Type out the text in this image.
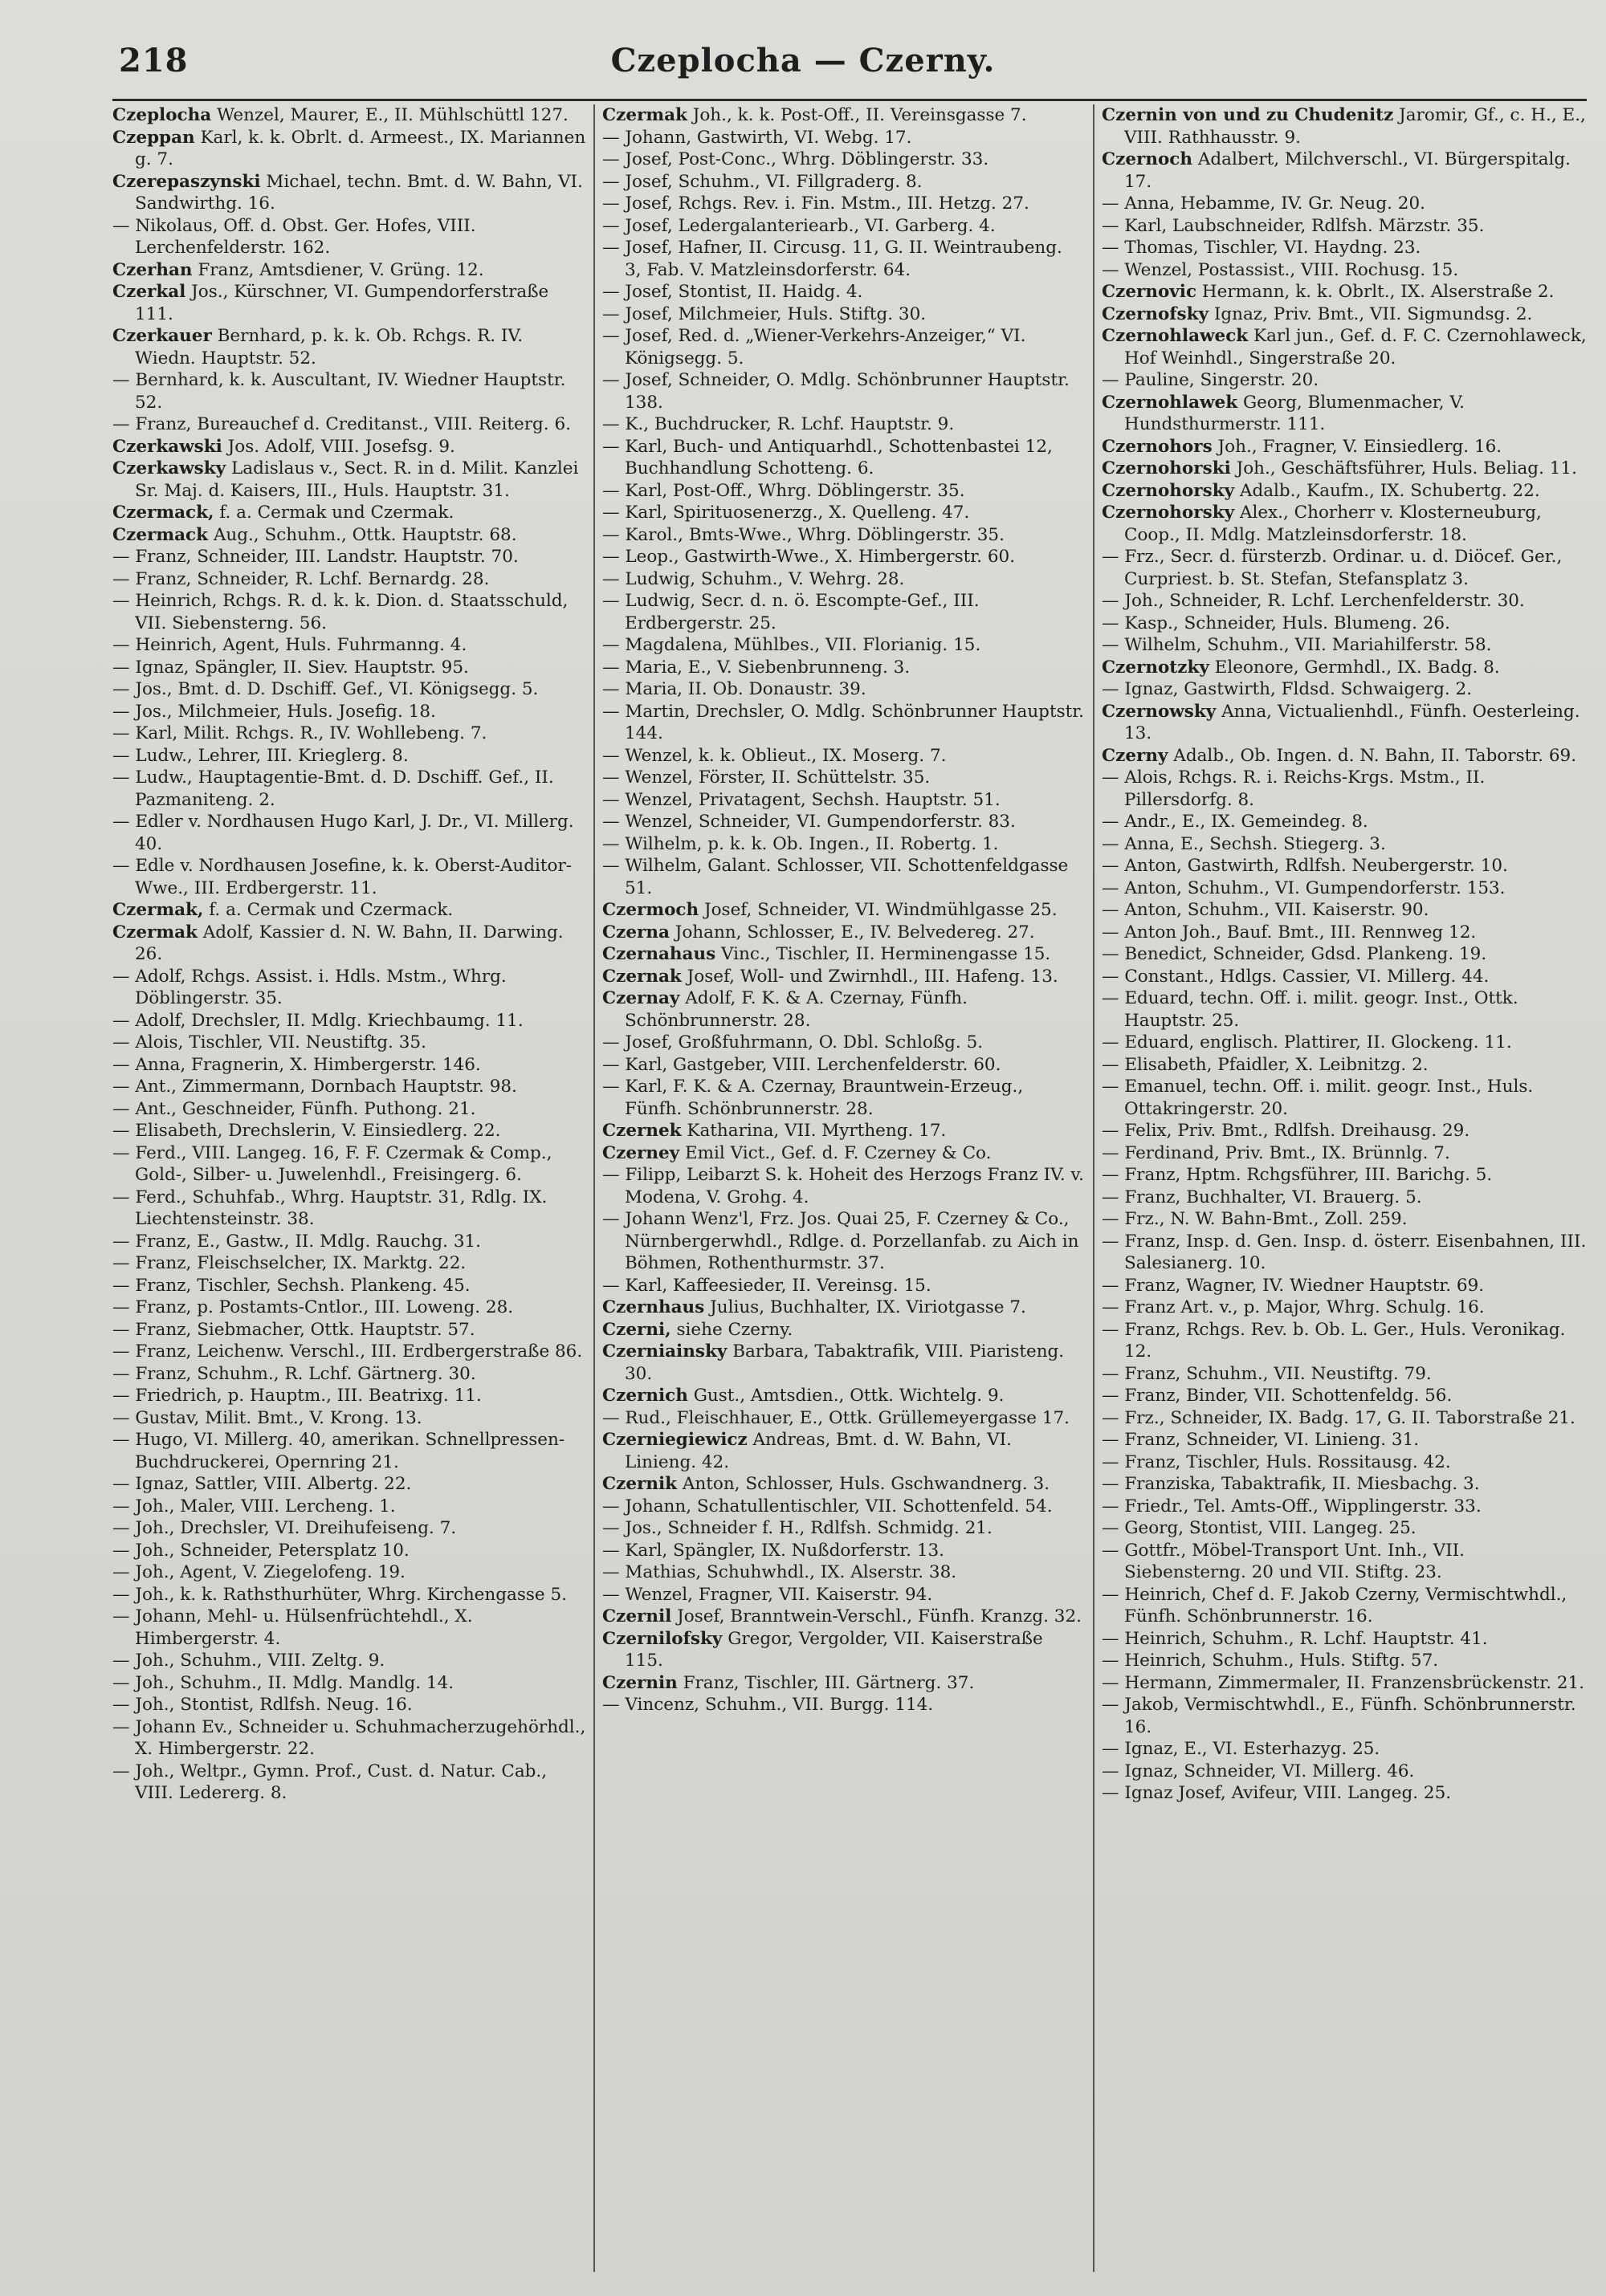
218	Czeplocha — Czerny.

Czeplocha Wenzel, Maurer, E., II. Mühlschüttl 127.

Czeppan Karl, k. k. Obrlt. d. Armeest., IX. Mariannen g. 7.

Czerepaszynski Michael, techn. Bmt. d. W. Bahn, VI. Sandwirthg. 16.

— Nikolaus, Off. d. Obst. Ger. Hofes, VIII. Lerchenfelderstr. 162.

Czerhan Franz, Amtsdiener, V. Grüng. 12.

Czerkal Jos., Kürschner, VI. Gumpendorferstraße 111.

Czerkauer Bernhard, p. k. k. Ob. Rchgs. R. IV. Wiedn. Hauptstr. 52.

— Bernhard, k. k. Auscultant, IV. Wiedner Hauptstr. 52.

— Franz, Bureauchef d. Creditanst., VIII. Reiterg. 6.

Czerkawski Jos. Adolf, VIII. Josefsg. 9.

Czerkawsky Ladislaus v., Sect. R. in d. Milit. Kanzlei Sr. Maj. d. Kaisers, III., Huls. Hauptstr. 31.

Czermack, f. a. Cermak und Czermak.

Czermack Aug., Schuhm., Ottk. Hauptstr. 68.

— Franz, Schneider, III. Landstr. Hauptstr. 70.

— Franz, Schneider, R. Lchf. Bernardg. 28.

— Heinrich, Rchgs. R. d. k. k. Dion. d. Staatsschuld, VII. Siebensterng. 56.

— Heinrich, Agent, Huls. Fuhrmanng. 4.

— Ignaz, Spängler, II. Siev. Hauptstr. 95.

— Jos., Bmt. d. D. Dschiff. Gef., VI. Königsegg. 5.

— Jos., Milchmeier, Huls. Josefig. 18.

— Karl, Milit. Rchgs. R., IV. Wohllebeng. 7.

— Ludw., Lehrer, III. Krieglerg. 8.

— Ludw., Hauptagentie-Bmt. d. D. Dschiff. Gef., II. Pazmaniteng. 2.

— Edler v. Nordhausen Hugo Karl, J. Dr., VI. Millerg. 40.

— Edle v. Nordhausen Josefine, k. k. Oberst-Auditor-Wwe., III. Erdbergerstr. 11.

Czermak, f. a. Cermak und Czermack.

Czermak Adolf, Kassier d. N. W. Bahn, II. Darwing. 26.

— Adolf, Rchgs. Assist. i. Hdls. Mstm., Whrg. Döblingerstr. 35.

— Adolf, Drechsler, II. Mdlg. Kriechbaumg. 11.

— Alois, Tischler, VII. Neustiftg. 35.

— Anna, Fragnerin, X. Himbergerstr. 146.

— Ant., Zimmermann, Dornbach Hauptstr. 98.

— Ant., Geschneider, Fünfh. Puthong. 21.

— Elisabeth, Drechslerin, V. Einsiedlerg. 22.

— Ferd., VIII. Langeg. 16, F. F. Czermak & Comp., Gold-, Silber- u. Juwelenhdl., Freisingerg. 6.

— Ferd., Schuhfab., Whrg. Hauptstr. 31, Rdlg. IX. Liechtensteinstr. 38.

— Franz, E., Gastw., II. Mdlg. Rauchg. 31.

— Franz, Fleischselcher, IX. Marktg. 22.

— Franz, Tischler, Sechsh. Plankeng. 45.

— Franz, p. Postamts-Cntlor., III. Loweng. 28.

— Franz, Siebmacher, Ottk. Hauptstr. 57.

— Franz, Leichenw. Verschl., III. Erdbergerstraße 86.

— Franz, Schuhm., R. Lchf. Gärtnerg. 30.

— Friedrich, p. Hauptm., III. Beatrixg. 11.

— Gustav, Milit. Bmt., V. Krong. 13.

— Hugo, VI. Millerg. 40, amerikan. Schnellpressen-Buchdruckerei, Opernring 21.

— Ignaz, Sattler, VIII. Albertg. 22.

— Joh., Maler, VIII. Lercheng. 1.

— Joh., Drechsler, VI. Dreihufeiseng. 7.

— Joh., Schneider, Petersplatz 10.

— Joh., Agent, V. Ziegelofeng. 19.

— Joh., k. k. Rathsthurhüter, Whrg. Kirchengasse 5.

— Johann, Mehl- u. Hülsenfrüchtehdl., X. Himbergerstr. 4.

— Joh., Schuhm., VIII. Zeltg. 9.

— Joh., Schuhm., II. Mdlg. Mandlg. 14.

— Joh., Stontist, Rdlfsh. Neug. 16.

— Johann Ev., Schneider u. Schuhmacherzugehörhdl., X. Himbergerstr. 22.

— Joh., Weltpr., Gymn. Prof., Cust. d. Natur. Cab., VIII. Ledererg. 8.

Czermak Joh., k. k. Post-Off., II. Vereinsgasse 7.

— Johann, Gastwirth, VI. Webg. 17.

— Josef, Post-Conc., Whrg. Döblingerstr. 33.

— Josef, Schuhm., VI. Fillgraderg. 8.

— Josef, Rchgs. Rev. i. Fin. Mstm., III. Hetzg. 27.

— Josef, Ledergalanteriearb., VI. Garberg. 4.

— Josef, Hafner, II. Circusg. 11, G. II. Weintraubeng. 3, Fab. V. Matzleinsdorferstr. 64.

— Josef, Stontist, II. Haidg. 4.

— Josef, Milchmeier, Huls. Stiftg. 30.

— Josef, Red. d. „Wiener-Verkehrs-Anzeiger,“ VI. Königsegg. 5.

— Josef, Schneider, O. Mdlg. Schönbrunner Hauptstr. 138.

— K., Buchdrucker, R. Lchf. Hauptstr. 9.

— Karl, Buch- und Antiquarhdl., Schottenbastei 12, Buchhandlung Schotteng. 6.

— Karl, Post-Off., Whrg. Döblingerstr. 35.

— Karl, Spirituosenerzg., X. Quelleng. 47.

— Karol., Bmts-Wwe., Whrg. Döblingerstr. 35.

— Leop., Gastwirth-Wwe., X. Himbergerstr. 60.

— Ludwig, Schuhm., V. Wehrg. 28.

— Ludwig, Secr. d. n. ö. Escompte-Gef., III. Erdbergerstr. 25.

— Magdalena, Mühlbes., VII. Florianig. 15.

— Maria, E., V. Siebenbrunneng. 3.

— Maria, II. Ob. Donaustr. 39.

— Martin, Drechsler, O. Mdlg. Schönbrunner Hauptstr. 144.

— Wenzel, k. k. Oblieut., IX. Moserg. 7.

— Wenzel, Förster, II. Schüttelstr. 35.

— Wenzel, Privatagent, Sechsh. Hauptstr. 51.

— Wenzel, Schneider, VI. Gumpendorferstr. 83.

— Wilhelm, p. k. k. Ob. Ingen., II. Robertg. 1.

— Wilhelm, Galant. Schlosser, VII. Schottenfeldgasse 51.

Czermoch Josef, Schneider, VI. Windmühlgasse 25.

Czerna Johann, Schlosser, E., IV. Belvedereg. 27.

Czernahaus Vinc., Tischler, II. Herminengasse 15.

Czernak Josef, Woll- und Zwirnhdl., III. Hafeng. 13.

Czernay Adolf, F. K. & A. Czernay, Fünfh. Schönbrunnerstr. 28.

— Josef, Großfuhrmann, O. Dbl. Schloßg. 5.

— Karl, Gastgeber, VIII. Lerchenfelderstr. 60.

— Karl, F. K. & A. Czernay, Brauntwein-Erzeug., Fünfh. Schönbrunnerstr. 28.

Czernek Katharina, VII. Myrtheng. 17.

Czerney Emil Vict., Gef. d. F. Czerney & Co.

— Filipp, Leibarzt S. k. Hoheit des Herzogs Franz IV. v. Modena, V. Grohg. 4.

— Johann Wenz'l, Frz. Jos. Quai 25, F. Czerney & Co., Nürnbergerwhdl., Rdlge. d. Porzellanfab. zu Aich in Böhmen, Rothenthurmstr. 37.

— Karl, Kaffeesieder, II. Vereinsg. 15.

Czernhaus Julius, Buchhalter, IX. Viriotgasse 7.

Czerni, siehe Czerny.

Czerniainsky Barbara, Tabaktrafik, VIII. Piaristeng. 30.

Czernich Gust., Amtsdien., Ottk. Wichtelg. 9.

— Rud., Fleischhauer, E., Ottk. Grüllemeyergasse 17.

Czerniegiewicz Andreas, Bmt. d. W. Bahn, VI. Linieng. 42.

Czernik Anton, Schlosser, Huls. Gschwandnerg. 3.

— Johann, Schatullentischler, VII. Schottenfeld. 54.

— Jos., Schneider f. H., Rdlfsh. Schmidg. 21.

— Karl, Spängler, IX. Nußdorferstr. 13.

— Mathias, Schuhwhdl., IX. Alserstr. 38.

— Wenzel, Fragner, VII. Kaiserstr. 94.

Czernil Josef, Branntwein-Verschl., Fünfh. Kranzg. 32.

Czernilofsky Gregor, Vergolder, VII. Kaiserstraße 115.

Czernin Franz, Tischler, III. Gärtnerg. 37.

— Vincenz, Schuhm., VII. Burgg. 114.

Czernin von und zu Chudenitz Jaromir, Gf., c. H., E., VIII. Rathhausstr. 9.

Czernoch Adalbert, Milchverschl., VI. Bürgerspitalg. 17.

— Anna, Hebamme, IV. Gr. Neug. 20.

— Karl, Laubschneider, Rdlfsh. Märzstr. 35.

— Thomas, Tischler, VI. Haydng. 23.

— Wenzel, Postassist., VIII. Rochusg. 15.

Czernovic Hermann, k. k. Obrlt., IX. Alserstraße 2.

Czernofsky Ignaz, Priv. Bmt., VII. Sigmundsg. 2.

Czernohlaweck Karl jun., Gef. d. F. C. Czernohlaweck, Hof Weinhdl., Singerstraße 20.

— Pauline, Singerstr. 20.

Czernohlawek Georg, Blumenmacher, V. Hundsthurmerstr. 111.

Czernohors Joh., Fragner, V. Einsiedlerg. 16.

Czernohorski Joh., Geschäftsführer, Huls. Beliag. 11.

Czernohorsky Adalb., Kaufm., IX. Schubertg. 22.

Czernohorsky Alex., Chorherr v. Klosterneuburg, Coop., II. Mdlg. Matzleinsdorferstr. 18.

— Frz., Secr. d. fürsterzb. Ordinar. u. d. Diöcef. Ger., Curpriest. b. St. Stefan, Stefansplatz 3.

— Joh., Schneider, R. Lchf. Lerchenfelderstr. 30.

— Kasp., Schneider, Huls. Blumeng. 26.

— Wilhelm, Schuhm., VII. Mariahilferstr. 58.

Czernotzky Eleonore, Germhdl., IX. Badg. 8.

— Ignaz, Gastwirth, Fldsd. Schwaigerg. 2.

Czernowsky Anna, Victualienhdl., Fünfh. Oesterleing. 13.

Czerny Adalb., Ob. Ingen. d. N. Bahn, II. Taborstr. 69.

— Alois, Rchgs. R. i. Reichs-Krgs. Mstm., II. Pillersdorfg. 8.

— Andr., E., IX. Gemeindeg. 8.

— Anna, E., Sechsh. Stiegerg. 3.

— Anton, Gastwirth, Rdlfsh. Neubergerstr. 10.

— Anton, Schuhm., VI. Gumpendorferstr. 153.

— Anton, Schuhm., VII. Kaiserstr. 90.

— Anton Joh., Bauf. Bmt., III. Rennweg 12.

— Benedict, Schneider, Gdsd. Plankeng. 19.

— Constant., Hdlgs. Cassier, VI. Millerg. 44.

— Eduard, techn. Off. i. milit. geogr. Inst., Ottk. Hauptstr. 25.

— Eduard, englisch. Plattirer, II. Glockeng. 11.

— Elisabeth, Pfaidler, X. Leibnitzg. 2.

— Emanuel, techn. Off. i. milit. geogr. Inst., Huls. Ottakringerstr. 20.

— Felix, Priv. Bmt., Rdlfsh. Dreihausg. 29.

— Ferdinand, Priv. Bmt., IX. Brünnlg. 7.

— Franz, Hptm. Rchgsführer, III. Barichg. 5.

— Franz, Buchhalter, VI. Brauerg. 5.

— Frz., N. W. Bahn-Bmt., Zoll. 259.

— Franz, Insp. d. Gen. Insp. d. österr. Eisenbahnen, III. Salesianerg. 10.

— Franz, Wagner, IV. Wiedner Hauptstr. 69.

— Franz Art. v., p. Major, Whrg. Schulg. 16.

— Franz, Rchgs. Rev. b. Ob. L. Ger., Huls. Veronikag. 12.

— Franz, Schuhm., VII. Neustiftg. 79.

— Franz, Binder, VII. Schottenfeldg. 56.

— Frz., Schneider, IX. Badg. 17, G. II. Taborstraße 21.

— Franz, Schneider, VI. Linieng. 31.

— Franz, Tischler, Huls. Rossitausg. 42.

— Franziska, Tabaktrafik, II. Miesbachg. 3.

— Friedr., Tel. Amts-Off., Wipplingerstr. 33.

— Georg, Stontist, VIII. Langeg. 25.

— Gottfr., Möbel-Transport Unt. Inh., VII. Siebensterng. 20 und VII. Stiftg. 23.

— Heinrich, Chef d. F. Jakob Czerny, Vermischtwhdl., Fünfh. Schönbrunnerstr. 16.

— Heinrich, Schuhm., R. Lchf. Hauptstr. 41.

— Heinrich, Schuhm., Huls. Stiftg. 57.

— Hermann, Zimmermaler, II. Franzensbrückenstr. 21.

— Jakob, Vermischtwhdl., E., Fünfh. Schönbrunnerstr. 16.

— Ignaz, E., VI. Esterhazyg. 25.

— Ignaz, Schneider, VI. Millerg. 46.

— Ignaz Josef, Avifeur, VIII. Langeg. 25.
